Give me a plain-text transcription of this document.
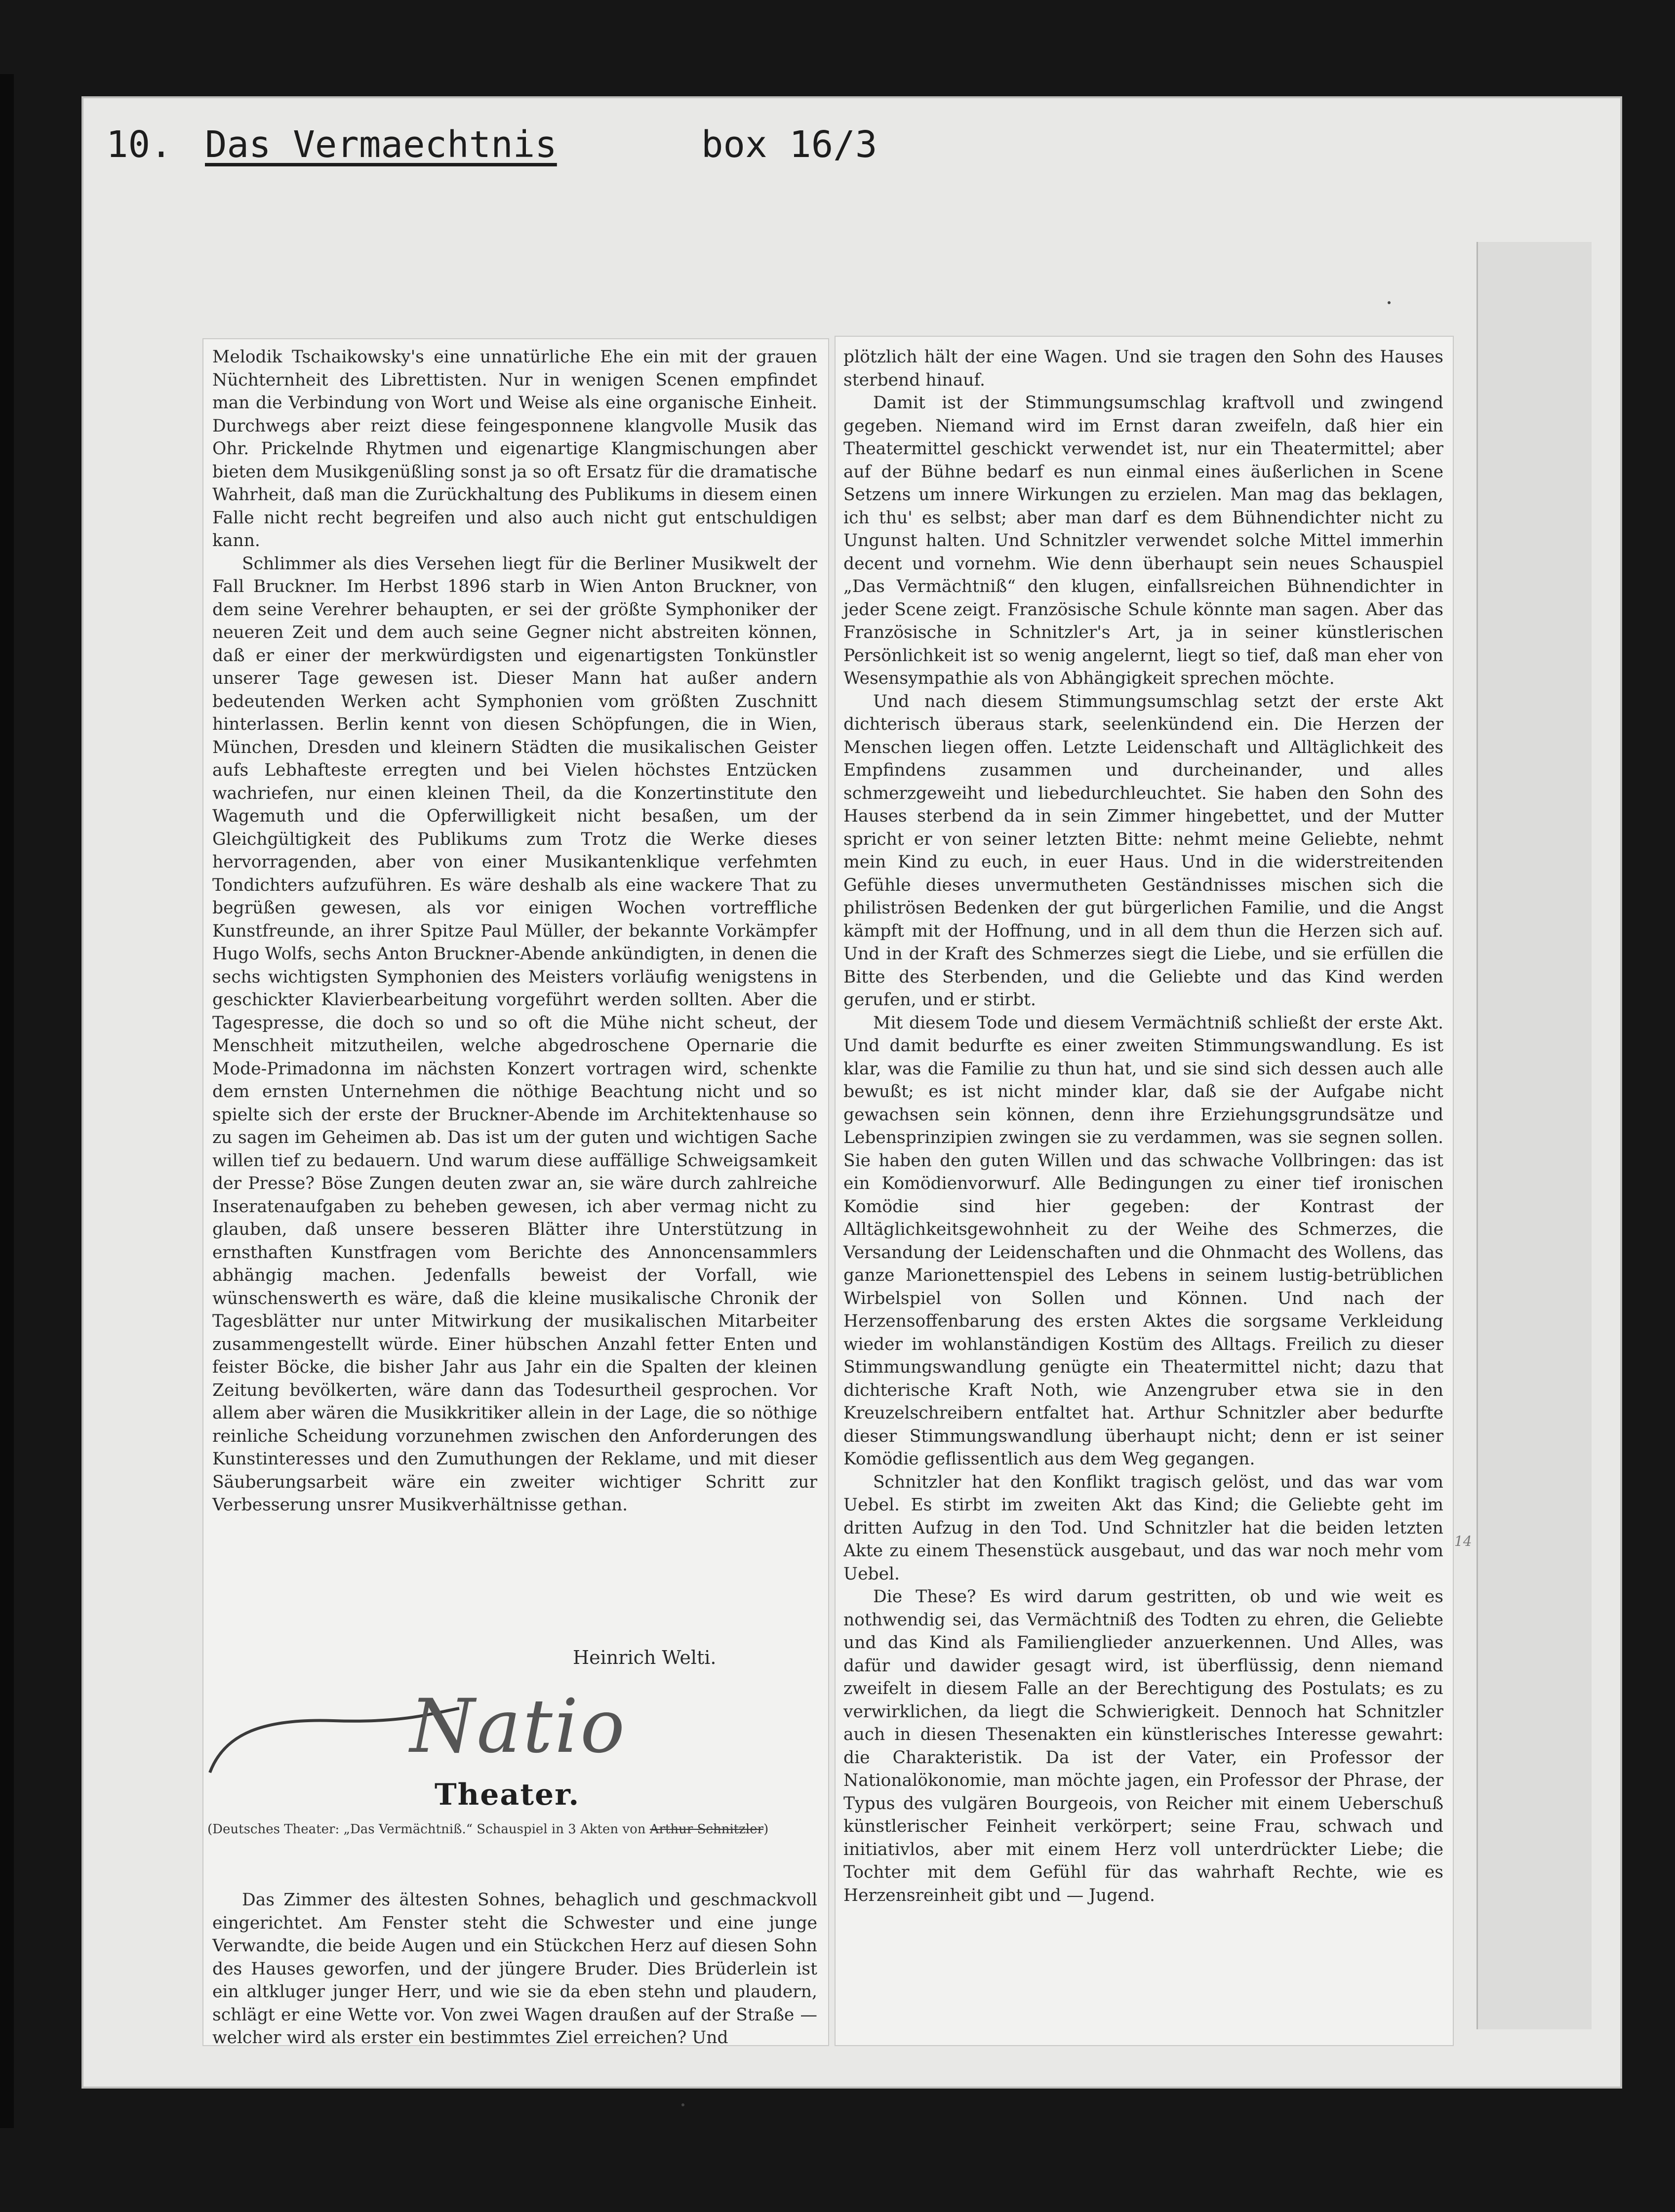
10. Das Vermaechtnis	box 16/3

Melodik Tschaikowsky's eine unnatürliche Ehe ein mit der grauen Nüchternheit des Librettisten. Nur in wenigen Scenen empfindet man die Verbindung von Wort und Weise als eine organische Einheit. Durchwegs aber reizt diese feingesponnene klangvolle Musik das Ohr. Prickelnde Rhytmen und eigenartige Klangmischungen aber bieten dem Musikgenüßling sonst ja so oft Ersatz für die dramatische Wahrheit, daß man die Zurückhaltung des Publikums in diesem einen Falle nicht recht begreifen und also auch nicht gut entschuldigen kann.

Schlimmer als dies Versehen liegt für die Berliner Musikwelt der Fall Bruckner. Im Herbst 1896 starb in Wien Anton Bruckner, von dem seine Verehrer behaupten, er sei der größte Symphoniker der neueren Zeit und dem auch seine Gegner nicht abstreiten können, daß er einer der merkwürdigsten und eigenartigsten Tonkünstler unserer Tage gewesen ist. Dieser Mann hat außer andern bedeutenden Werken acht Symphonien vom größten Zuschnitt hinterlassen. Berlin kennt von diesen Schöpfungen, die in Wien, München, Dresden und kleinern Städten die musikalischen Geister aufs Lebhafteste erregten und bei Vielen höchstes Entzücken wachriefen, nur einen kleinen Theil, da die Konzertinstitute den Wagemuth und die Opferwilligkeit nicht besaßen, um der Gleichgültigkeit des Publikums zum Trotz die Werke dieses hervorragenden, aber von einer Musikantenklique verfehmten Tondichters aufzuführen. Es wäre deshalb als eine wackere That zu begrüßen gewesen, als vor einigen Wochen vortreffliche Kunstfreunde, an ihrer Spitze Paul Müller, der bekannte Vorkämpfer Hugo Wolfs, sechs Anton Bruckner-Abende ankündigten, in denen die sechs wichtigsten Symphonien des Meisters vorläufig wenigstens in geschickter Klavierbearbeitung vorgeführt werden sollten. Aber die Tagespresse, die doch so und so oft die Mühe nicht scheut, der Menschheit mitzutheilen, welche abgedroschene Opernarie die Mode-Primadonna im nächsten Konzert vortragen wird, schenkte dem ernsten Unternehmen die nöthige Beachtung nicht und so spielte sich der erste der Bruckner-Abende im Architektenhause so zu sagen im Geheimen ab. Das ist um der guten und wichtigen Sache willen tief zu bedauern. Und warum diese auffällige Schweigsamkeit der Presse? Böse Zungen deuten zwar an, sie wäre durch zahlreiche Inseratenaufgaben zu beheben gewesen, ich aber vermag nicht zu glauben, daß unsere besseren Blätter ihre Unterstützung in ernsthaften Kunstfragen vom Berichte des Annoncensammlers abhängig machen. Jedenfalls beweist der Vorfall, wie wünschenswerth es wäre, daß die kleine musikalische Chronik der Tagesblätter nur unter Mitwirkung der musikalischen Mitarbeiter zusammengestellt würde. Einer hübschen Anzahl fetter Enten und feister Böcke, die bisher Jahr aus Jahr ein die Spalten der kleinen Zeitung bevölkerten, wäre dann das Todesurtheil gesprochen. Vor allem aber wären die Musikkritiker allein in der Lage, die so nöthige reinliche Scheidung vorzunehmen zwischen den Anforderungen des Kunstinteresses und den Zumuthungen der Reklame, und mit dieser Säuberungsarbeit wäre ein zweiter wichtiger Schritt zur Verbesserung unsrer Musikverhältnisse gethan.

Heinrich Welti.
Natio
Theater.
(Deutsches Theater: „Das Vermächtniß.“ Schauspiel in 3 Akten von Arthur Schnitzler)

Das Zimmer des ältesten Sohnes, behaglich und geschmackvoll eingerichtet. Am Fenster steht die Schwester und eine junge Verwandte, die beide Augen und ein Stückchen Herz auf diesen Sohn des Hauses geworfen, und der jüngere Bruder. Dies Brüderlein ist ein altkluger junger Herr, und wie sie da eben stehn und plaudern, schlägt er eine Wette vor. Von zwei Wagen draußen auf der Straße — welcher wird als erster ein bestimmtes Ziel erreichen? Und

plötzlich hält der eine Wagen. Und sie tragen den Sohn des Hauses sterbend hinauf.

Damit ist der Stimmungsumschlag kraftvoll und zwingend gegeben. Niemand wird im Ernst daran zweifeln, daß hier ein Theatermittel geschickt verwendet ist, nur ein Theatermittel; aber auf der Bühne bedarf es nun einmal eines äußerlichen in Scene Setzens um innere Wirkungen zu erzielen. Man mag das beklagen, ich thu' es selbst; aber man darf es dem Bühnendichter nicht zu Ungunst halten. Und Schnitzler verwendet solche Mittel immerhin decent und vornehm. Wie denn überhaupt sein neues Schauspiel „Das Vermächtniß“ den klugen, einfallsreichen Bühnendichter in jeder Scene zeigt. Französische Schule könnte man sagen. Aber das Französische in Schnitzler's Art, ja in seiner künstlerischen Persönlichkeit ist so wenig angelernt, liegt so tief, daß man eher von Wesensympathie als von Abhängigkeit sprechen möchte.

Und nach diesem Stimmungsumschlag setzt der erste Akt dichterisch überaus stark, seelenkündend ein. Die Herzen der Menschen liegen offen. Letzte Leidenschaft und Alltäglichkeit des Empfindens zusammen und durcheinander, und alles schmerzgeweiht und liebedurchleuchtet. Sie haben den Sohn des Hauses sterbend da in sein Zimmer hingebettet, und der Mutter spricht er von seiner letzten Bitte: nehmt meine Geliebte, nehmt mein Kind zu euch, in euer Haus. Und in die widerstreitenden Gefühle dieses unvermutheten Geständnisses mischen sich die philiströsen Bedenken der gut bürgerlichen Familie, und die Angst kämpft mit der Hoffnung, und in all dem thun die Herzen sich auf. Und in der Kraft des Schmerzes siegt die Liebe, und sie erfüllen die Bitte des Sterbenden, und die Geliebte und das Kind werden gerufen, und er stirbt.

Mit diesem Tode und diesem Vermächtniß schließt der erste Akt. Und damit bedurfte es einer zweiten Stimmungswandlung. Es ist klar, was die Familie zu thun hat, und sie sind sich dessen auch alle bewußt; es ist nicht minder klar, daß sie der Aufgabe nicht gewachsen sein können, denn ihre Erziehungsgrundsätze und Lebensprinzipien zwingen sie zu verdammen, was sie segnen sollen. Sie haben den guten Willen und das schwache Vollbringen: das ist ein Komödienvorwurf. Alle Bedingungen zu einer tief ironischen Komödie sind hier gegeben: der Kontrast der Alltäglichkeitsgewohnheit zu der Weihe des Schmerzes, die Versandung der Leidenschaften und die Ohnmacht des Wollens, das ganze Marionettenspiel des Lebens in seinem lustig-betrüblichen Wirbelspiel von Sollen und Können. Und nach der Herzensoffenbarung des ersten Aktes die sorgsame Verkleidung wieder im wohlanständigen Kostüm des Alltags. Freilich zu dieser Stimmungswandlung genügte ein Theatermittel nicht; dazu that dichterische Kraft Noth, wie Anzengruber etwa sie in den Kreuzelschreibern entfaltet hat. Arthur Schnitzler aber bedurfte dieser Stimmungswandlung überhaupt nicht; denn er ist seiner Komödie geflissentlich aus dem Weg gegangen.

Schnitzler hat den Konflikt tragisch gelöst, und das war vom Uebel. Es stirbt im zweiten Akt das Kind; die Geliebte geht im dritten Aufzug in den Tod. Und Schnitzler hat die beiden letzten Akte zu einem Thesenstück ausgebaut, und das war noch mehr vom Uebel.

Die These? Es wird darum gestritten, ob und wie weit es nothwendig sei, das Vermächtniß des Todten zu ehren, die Geliebte und das Kind als Familienglieder anzuerkennen. Und Alles, was dafür und dawider gesagt wird, ist überflüssig, denn niemand zweifelt in diesem Falle an der Berechtigung des Postulats; es zu verwirklichen, da liegt die Schwierigkeit. Dennoch hat Schnitzler auch in diesen Thesenakten ein künstlerisches Interesse gewahrt: die Charakteristik. Da ist der Vater, ein Professor der Nationalökonomie, man möchte jagen, ein Professor der Phrase, der Typus des vulgären Bourgeois, von Reicher mit einem Ueberschuß künstlerischer Feinheit verkörpert; seine Frau, schwach und initiativlos, aber mit einem Herz voll unterdrückter Liebe; die Tochter mit dem Gefühl für das wahrhaft Rechte, wie es Herzensreinheit gibt und — Jugend.

14
